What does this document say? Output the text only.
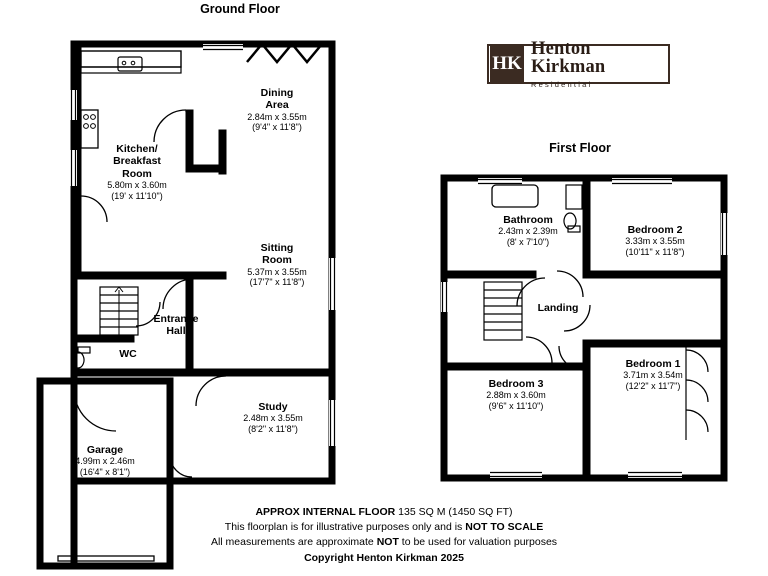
Ground Floor
First Floor
HK
Henton Kirkman
Residential
Dining
Area
2.84m x 3.55m
(9'4" x 11'8")
Kitchen/
Breakfast
Room
5.80m x 3.60m
(19' x 11'10")
Sitting
Room
5.37m x 3.55m
(17'7" x 11'8")
Entrance
Hall
WC
Study
2.48m x 3.55m
(8'2" x 11'8")
Garage
4.99m x 2.46m
(16'4" x 8'1")
Bathroom
2.43m x 2.39m
(8' x 7'10")
Bedroom 2
3.33m x 3.55m
(10'11" x 11'8")
Landing
Bedroom 3
2.88m x 3.60m
(9'6" x 11'10")
Bedroom 1
3.71m x 3.54m
(12'2" x 11'7")
APPROX INTERNAL FLOOR 135 SQ M (1450 SQ FT)
This floorplan is for illustrative purposes only and is NOT TO SCALE
All measurements are approximate NOT to be used for valuation purposes
Copyright Henton Kirkman 2025
